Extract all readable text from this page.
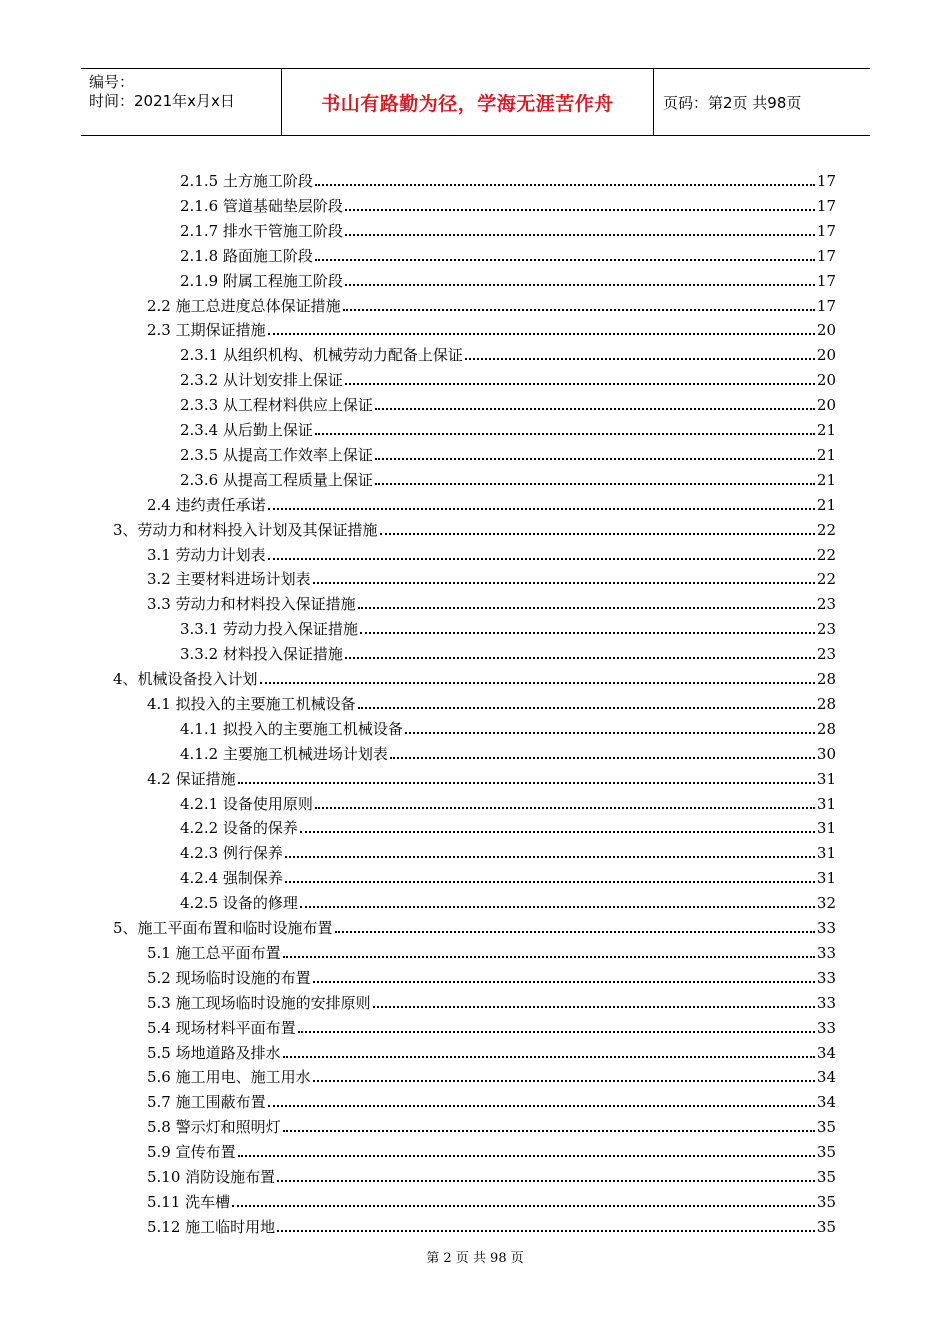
编号：
时间：2021年x月x日	书山有路勤为径，学海无涯苦作舟	页码：第2页 共98页
2.1.5 土方施工阶段	17
2.1.6 管道基础垫层阶段	17
2.1.7 排水干管施工阶段	17
2.1.8 路面施工阶段	17
2.1.9 附属工程施工阶段	17
2.2 施工总进度总体保证措施	17
2.3 工期保证措施	20
2.3.1 从组织机构、机械劳动力配备上保证	20
2.3.2 从计划安排上保证	20
2.3.3 从工程材料供应上保证	20
2.3.4 从后勤上保证	21
2.3.5 从提高工作效率上保证	21
2.3.6 从提高工程质量上保证	21
2.4 违约责任承诺	21
3、劳动力和材料投入计划及其保证措施	22
3.1 劳动力计划表	22
3.2 主要材料进场计划表	22
3.3 劳动力和材料投入保证措施	23
3.3.1 劳动力投入保证措施	23
3.3.2 材料投入保证措施	23
4、机械设备投入计划	28
4.1 拟投入的主要施工机械设备	28
4.1.1 拟投入的主要施工机械设备	28
4.1.2 主要施工机械进场计划表	30
4.2 保证措施	31
4.2.1 设备使用原则	31
4.2.2 设备的保养	31
4.2.3 例行保养	31
4.2.4 强制保养	31
4.2.5 设备的修理	32
5、施工平面布置和临时设施布置	33
5.1 施工总平面布置	33
5.2 现场临时设施的布置	33
5.3 施工现场临时设施的安排原则	33
5.4 现场材料平面布置	33
5.5 场地道路及排水	34
5.6 施工用电、施工用水	34
5.7 施工围蔽布置	34
5.8 警示灯和照明灯	35
5.9 宣传布置	35
5.10 消防设施布置	35
5.11 洗车槽	35
5.12 施工临时用地	35
第 2 页 共 98 页
